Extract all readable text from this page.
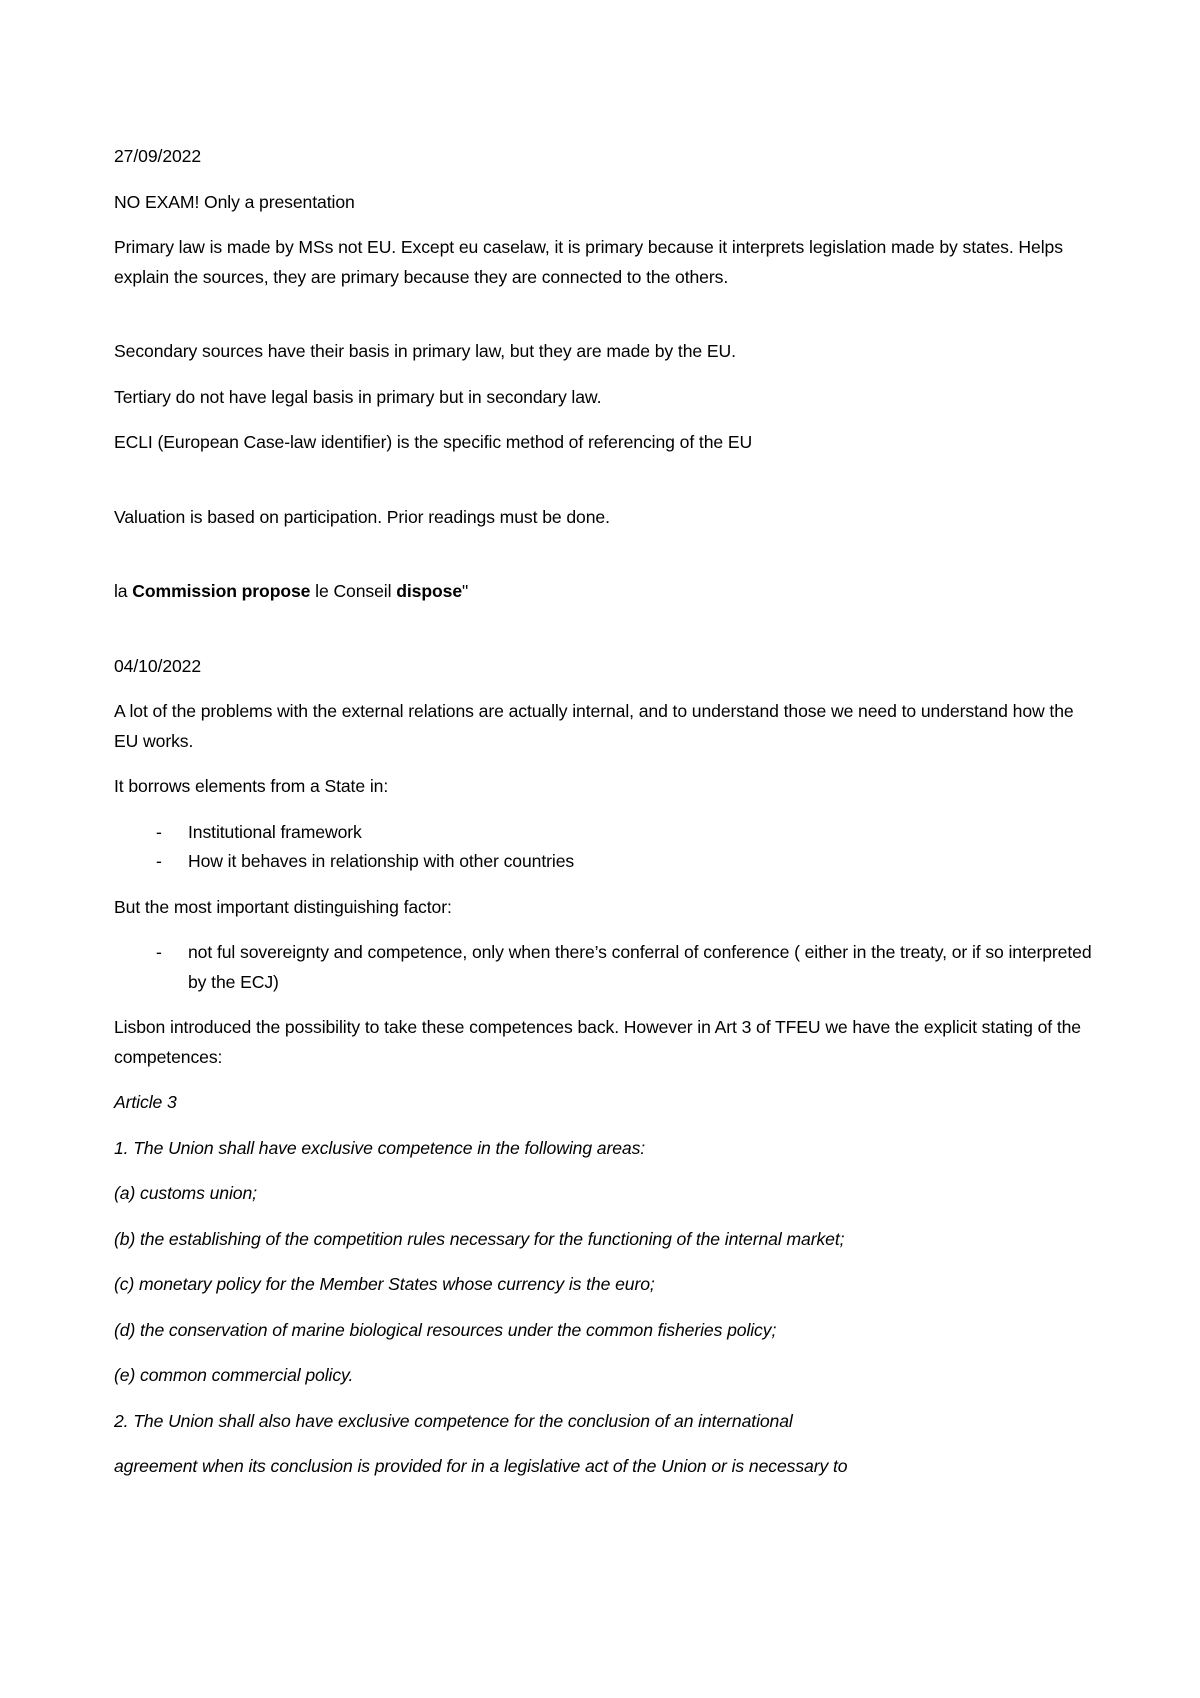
27/09/2022

NO EXAM! Only a presentation

Primary law is made by MSs not EU. Except eu caselaw, it is primary because it interprets legislation made by states. Helps explain the sources, they are primary because they are connected to the others.

Secondary sources have their basis in primary law, but they are made by the EU.

Tertiary do not have legal basis in primary but in secondary law.

ECLI (European Case-law identifier) is the specific method of referencing of the EU

Valuation is based on participation. Prior readings must be done.

la Commission propose le Conseil dispose"

04/10/2022

A lot of the problems with the external relations are actually internal, and to understand those we need to understand how the EU works.

It borrows elements from a State in:

- Institutional framework
- How it behaves in relationship with other countries

But the most important distinguishing factor:

- not ful sovereignty and competence, only when there’s conferral of conference ( either in the treaty, or if so interpreted by the ECJ)

Lisbon introduced the possibility to take these competences back. However in Art 3 of TFEU we have the explicit stating of the competences:

Article 3

1. The Union shall have exclusive competence in the following areas:

(a) customs union;

(b) the establishing of the competition rules necessary for the functioning of the internal market;

(c) monetary policy for the Member States whose currency is the euro;

(d) the conservation of marine biological resources under the common fisheries policy;

(e) common commercial policy.

2. The Union shall also have exclusive competence for the conclusion of an international

agreement when its conclusion is provided for in a legislative act of the Union or is necessary to
